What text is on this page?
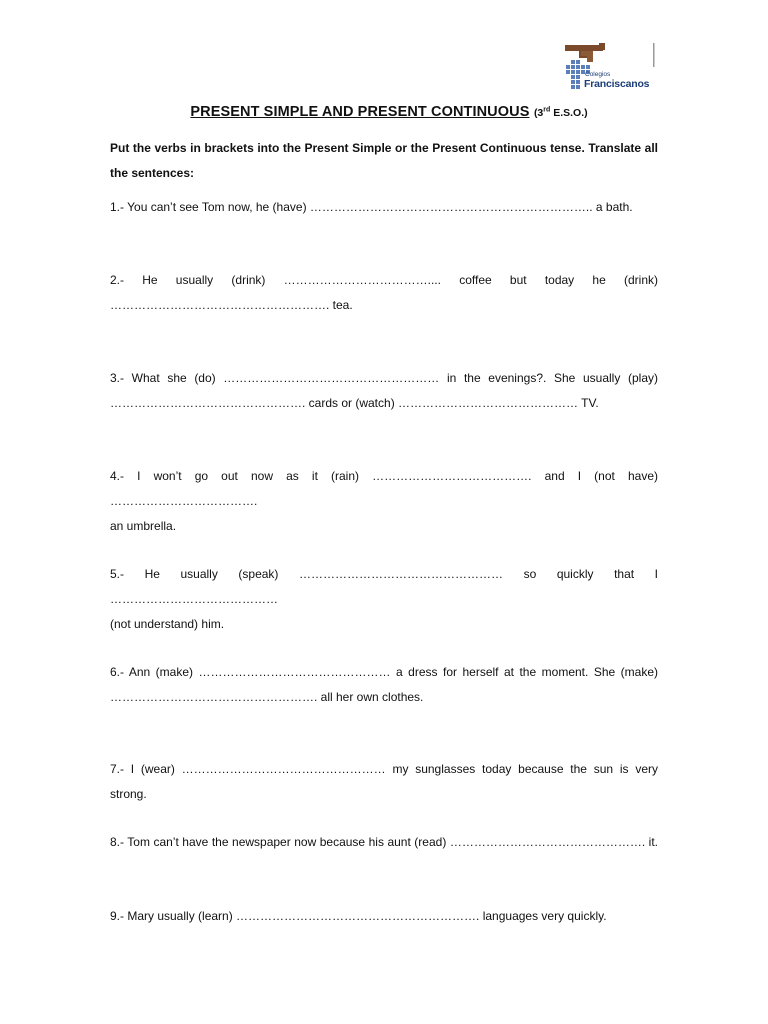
Colegios
Franciscanos
PRESENT SIMPLE AND PRESENT CONTINUOUS (3rd E.S.O.)
Put the verbs in brackets into the Present Simple or the Present Continuous tense. Translate all the sentences:
1.- You can’t see Tom now, he (have) …………………………………………………………….. a bath.
2.- He usually (drink) ……………………………….... coffee but today he (drink)
………………………………………………. tea.
3.- What she (do) ……………………………………………… in the evenings?. She usually (play)
…………………………………………. cards or (watch) ……………………………………… TV.
4.- I won’t go out now as it (rain) …………………………………. and I (not have) ……………………………….
an umbrella.
5.- He usually (speak) …………………………………………… so quickly that I ……………………………………
(not understand) him.
6.- Ann (make) ………………………………………… a dress for herself at the moment. She (make)
……………………………………………. all her own clothes.
7.- I (wear) …………………………………………… my sunglasses today because the sun is very strong.
8.- Tom can’t have the newspaper now because his aunt (read) …………………………………………. it.
9.- Mary usually (learn) ……………………………………………………. languages very quickly.
